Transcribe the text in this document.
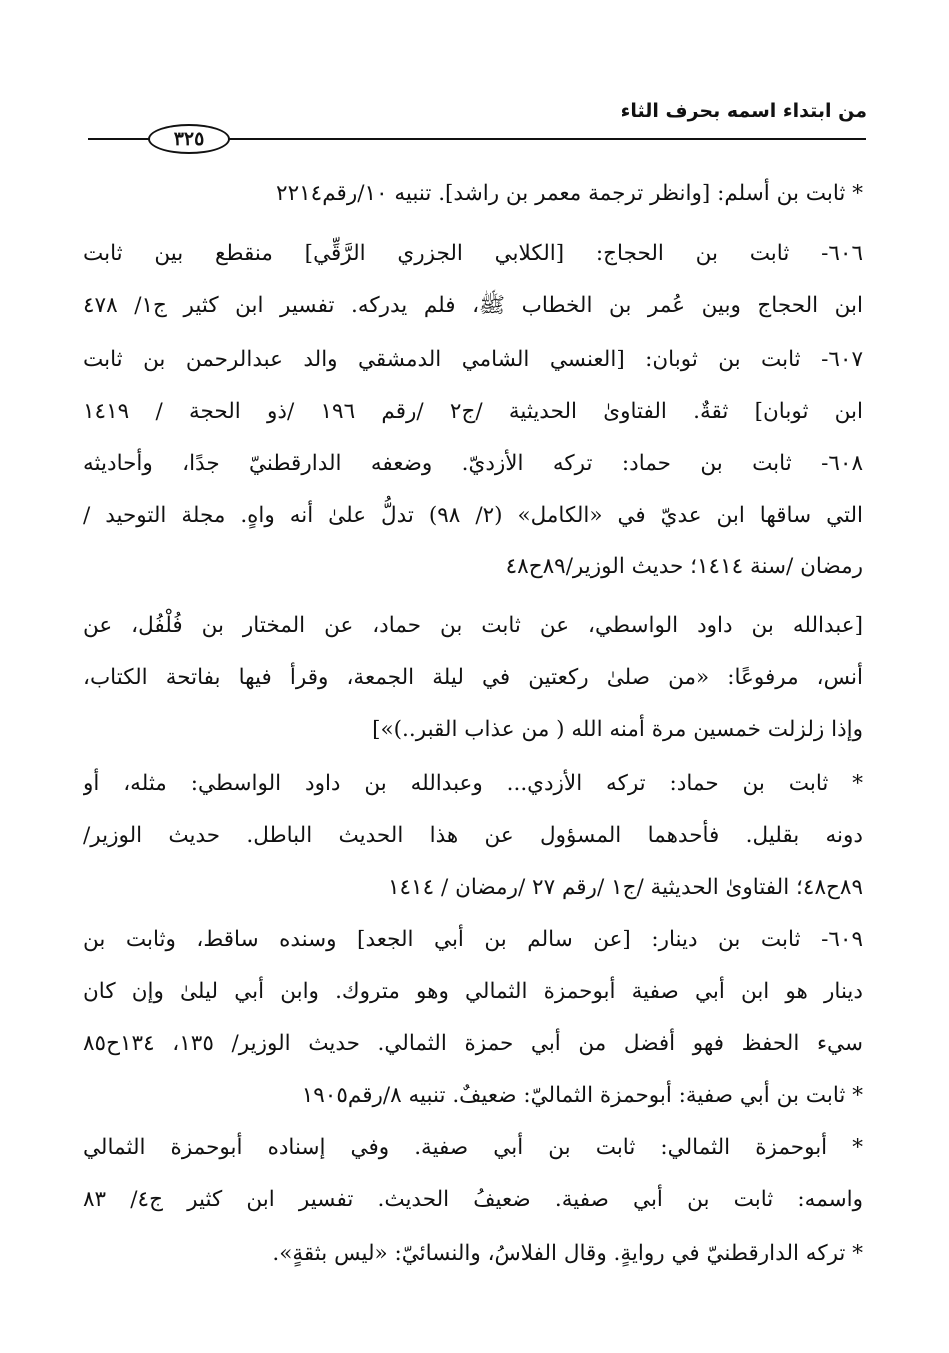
من ابتداء اسمه بحرف الثاء
٣٢٥
* ثابت بن أسلم: [وانظر ترجمة معمر بن راشد]. تنبيه ١٠/رقم٢٢١٤
٦٠٦- ثابت بن الحجاج: [الكلابي الجزري الرَّقِّي] منقطع بين ثابت
ابن الحجاج وبين عُمر بن الخطاب ﷺ، فلم يدركه. تفسير ابن كثير ج١/ ٤٧٨
٦٠٧- ثابت بن ثوبان: [العنسي الشامي الدمشقي والد عبدالرحمن بن ثابت
ابن ثوبان] ثقةٌ. الفتاوىٰ الحديثية /ج٢ /رقم ١٩٦ /ذو الحجة / ١٤١٩
٦٠٨- ثابت بن حماد: تركه الأزديّ. وضعفه الدارقطنيّ جدًا، وأحاديثه
التي ساقها ابن عديّ في «الكامل» (٢/ ٩٨) تدلُّ علىٰ أنه واهٍ. مجلة التوحيد /
رمضان /سنة ١٤١٤؛ حديث الوزير/٨٩ح٤٨
[عبدالله بن داود الواسطي، عن ثابت بن حماد، عن المختار بن فُلْفُل، عن
أنس، مرفوعًا: «من صلىٰ ركعتين في ليلة الجمعة، وقرأ فيها بفاتحة الكتاب،
وإذا زلزلت خمسين مرة أمنه الله ( من عذاب القبر..)»]
* ثابت بن حماد: تركه الأزدي... وعبدالله بن داود الواسطي: مثله، أو
دونه بقليل. فأحدهما المسؤول عن هذا الحديث الباطل. حديث الوزير/
٨٩ح٤٨؛ الفتاوىٰ الحديثية /ج١ /رقم ٢٧ /رمضان / ١٤١٤
٦٠٩- ثابت بن دينار: [عن سالم بن أبي الجعد] وسنده ساقط، وثابت بن
دينار هو ابن أبي صفية أبوحمزة الثمالي وهو متروك. وابن أبي ليلىٰ وإن كان
سيء الحفظ فهو أفضل من أبي حمزة الثمالي. حديث الوزير/ ١٣٥، ١٣٤ح٨٥
* ثابت بن أبي صفية: أبوحمزة الثماليّ: ضعيفٌ. تنبيه ٨/رقم١٩٠٥
* أبوحمزة الثمالي: ثابت بن أبي صفية. وفي إسناده أبوحمزة الثمالي
واسمه: ثابت بن أبي صفية. ضعيفُ الحديث. تفسير ابن كثير ج٤/ ٨٣
* تركه الدارقطنيّ في روايةٍ. وقال الفلاسُ، والنسائيّ: «ليس بثقةٍ».
